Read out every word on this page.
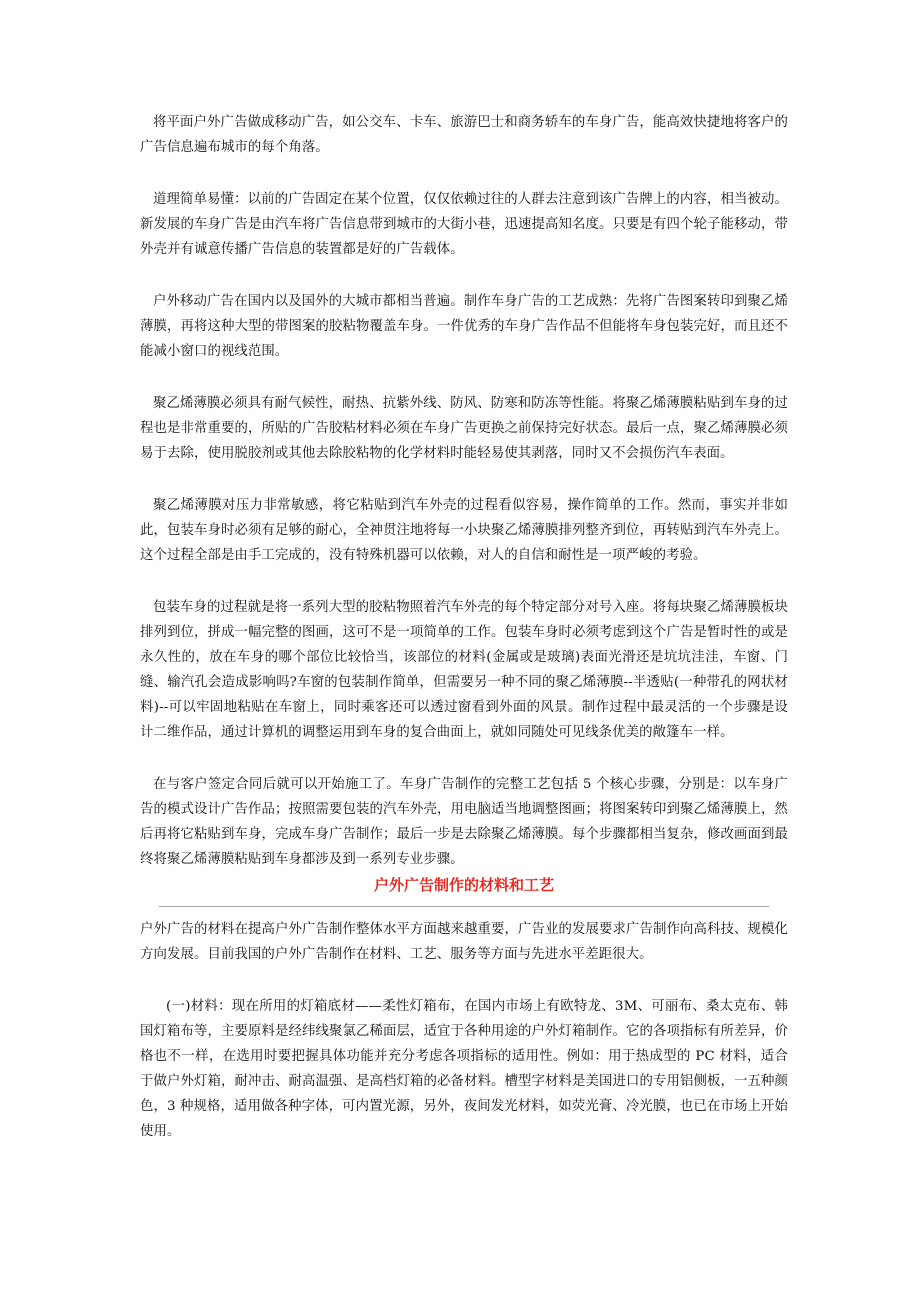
将平面户外广告做成移动广告，如公交车、卡车、旅游巴士和商务轿车的车身广告，能高效快捷地将客户的广告信息遍布城市的每个角落。

道理简单易懂：以前的广告固定在某个位置，仅仅依赖过往的人群去注意到该广告牌上的内容，相当被动。新发展的车身广告是由汽车将广告信息带到城市的大街小巷，迅速提高知名度。只要是有四个轮子能移动，带外壳并有诚意传播广告信息的装置都是好的广告载体。

户外移动广告在国内以及国外的大城市都相当普遍。制作车身广告的工艺成熟：先将广告图案转印到聚乙烯薄膜，再将这种大型的带图案的胶粘物覆盖车身。一件优秀的车身广告作品不但能将车身包装完好，而且还不能减小窗口的视线范围。

聚乙烯薄膜必须具有耐气候性，耐热、抗紫外线、防风、防寒和防冻等性能。将聚乙烯薄膜粘贴到车身的过程也是非常重要的，所贴的广告胶粘材料必须在车身广告更换之前保持完好状态。最后一点，聚乙烯薄膜必须易于去除，使用脱胶剂或其他去除胶粘物的化学材料时能轻易使其剥落，同时又不会损伤汽车表面。

聚乙烯薄膜对压力非常敏感，将它粘贴到汽车外壳的过程看似容易，操作简单的工作。然而，事实并非如此，包装车身时必须有足够的耐心，全神贯注地将每一小块聚乙烯薄膜排列整齐到位，再转贴到汽车外壳上。这个过程全部是由手工完成的，没有特殊机器可以依赖，对人的自信和耐性是一项严峻的考验。

包装车身的过程就是将一系列大型的胶粘物照着汽车外壳的每个特定部分对号入座。将每块聚乙烯薄膜板块排列到位，拼成一幅完整的图画，这可不是一项简单的工作。包装车身时必须考虑到这个广告是暂时性的或是永久性的，放在车身的哪个部位比较恰当，该部位的材料(金属或是玻璃)表面光滑还是坑坑洼洼，车窗、门缝、输汽孔会造成影响吗?车窗的包装制作简单，但需要另一种不同的聚乙烯薄膜--半透贴(一种带孔的网状材料)--可以牢固地粘贴在车窗上，同时乘客还可以透过窗看到外面的风景。制作过程中最灵活的一个步骤是设计二维作品，通过计算机的调整运用到车身的复合曲面上，就如同随处可见线条优美的敞篷车一样。

在与客户签定合同后就可以开始施工了。车身广告制作的完整工艺包括 5 个核心步骤，分别是：以车身广告的模式设计广告作品；按照需要包装的汽车外壳，用电脑适当地调整图画；将图案转印到聚乙烯薄膜上，然后再将它粘贴到车身，完成车身广告制作；最后一步是去除聚乙烯薄膜。每个步骤都相当复杂，修改画面到最终将聚乙烯薄膜粘贴到车身都涉及到一系列专业步骤。

户外广告制作的材料和工艺

户外广告的材料在提高户外广告制作整体水平方面越来越重要，广告业的发展要求广告制作向高科技、规模化方向发展。目前我国的户外广告制作在材料、工艺、服务等方面与先进水平差距很大。

(一)材料：现在所用的灯箱底材——柔性灯箱布，在国内市场上有欧特龙、3M、可丽布、桑太克布、韩国灯箱布等，主要原料是经纬线聚氯乙稀面层，适宜于各种用途的户外灯箱制作。它的各项指标有所差异，价格也不一样，在选用时要把握具体功能并充分考虑各项指标的适用性。例如：用于热成型的 PC 材料，适合于做户外灯箱，耐冲击、耐高温强、是高档灯箱的必备材料。槽型字材料是美国进口的专用铝侧板，一五种颜色，3 种规格，适用做各种字体，可内置光源，另外，夜间发光材料，如荧光膏、冷光膜，也已在市场上开始使用。
